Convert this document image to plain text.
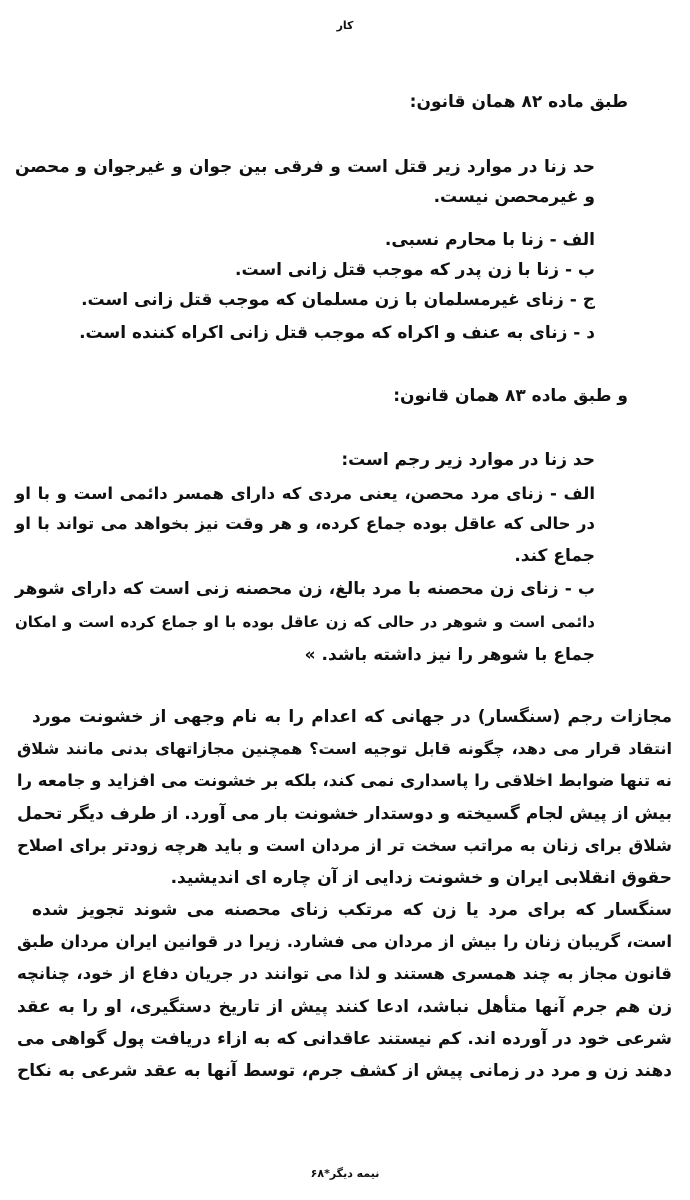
کار
طبق ماده ۸۲ همان قانون:
حد زنا در موارد زیر قتل است و فرقی بین جوان و غیرجوان و محصن
و غیرمحصن نیست.
الف - زنا با محارم نسبی.
ب - زنا با زن پدر که موجب قتل زانی است.
ج - زنای غیرمسلمان با زن مسلمان که موجب قتل زانی است.
د - زنای به عنف و اکراه که موجب قتل زانی اکراه کننده است.
و طبق ماده ۸۳ همان قانون:
حد زنا در موارد زیر رجم است:
الف - زنای مرد محصن، یعنی مردی که دارای همسر دائمی است و با او
در حالی که عاقل بوده جماع کرده، و هر وقت نیز بخواهد می تواند با او
جماع کند.
ب - زنای زن محصنه با مرد بالغ، زن محصنه زنی است که دارای شوهر
دائمی است و شوهر در حالی که زن عاقل بوده با او جماع کرده است و امکان
جماع با شوهر را نیز داشته باشد. »
مجازات رجم (سنگسار) در جهانی که اعدام را به نام وجهی از خشونت مورد
انتقاد قرار می دهد، چگونه قابل توجیه است؟ همچنین مجازاتهای بدنی مانند شلاق
نه تنها ضوابط اخلاقی را پاسداری نمی کند، بلکه بر خشونت می افزاید و جامعه را
بیش از پیش لجام گسیخته و دوستدار خشونت بار می آورد. از طرف دیگر تحمل
شلاق برای زنان به مراتب سخت تر از مردان است و باید هرچه زودتر برای اصلاح
حقوق انقلابی ایران و خشونت زدایی از آن چاره ای اندیشید.
سنگسار که برای مرد یا زن که مرتکب زنای محصنه می شوند تجویز شده
است، گریبان زنان را بیش از مردان می فشارد. زیرا در قوانین ایران مردان طبق
قانون مجاز به چند همسری هستند و لذا می توانند در جریان دفاع از خود، چنانچه
زن هم جرم آنها متأهل نباشد، ادعا کنند پیش از تاریخ دستگیری، او را به عقد
شرعی خود در آورده اند. کم نیستند عاقدانی که به ازاء دریافت پول گواهی می
دهند زن و مرد در زمانی پیش از کشف جرم، توسط آنها به عقد شرعی به نکاح
نیمه دیگر*۶۸
